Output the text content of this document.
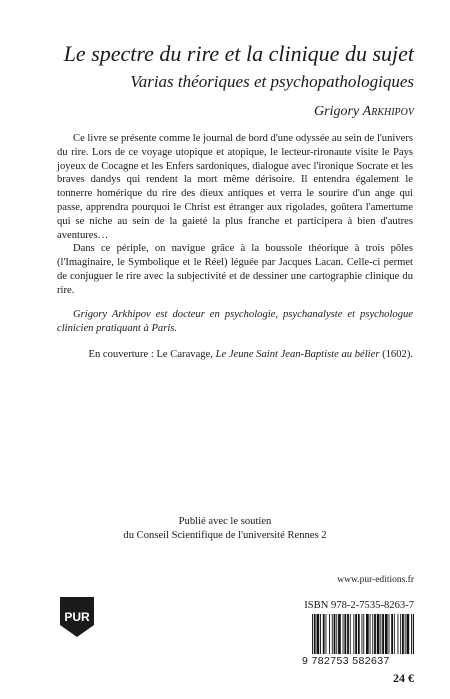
Le spectre du rire et la clinique du sujet
Varias théoriques et psychopathologiques
Grigory Arkhipov

Ce livre se présente comme le journal de bord d'une odyssée au sein de l'univers du rire. Lors de ce voyage utopique et atopique, le lecteur-rironaute visite le Pays joyeux de Cocagne et les Enfers sardoniques, dialogue avec l'ironique Socrate et les braves dandys qui rendent la mort même dérisoire. Il entendra également le tonnerre homérique du rire des dieux antiques et verra le sourire d'un ange qui passe, apprendra pourquoi le Christ est étranger aux rigolades, goûtera l'amertume qui se niche au sein de la gaieté la plus franche et participera à bien d'autres aventures…

Dans ce périple, on navigue grâce à la boussole théorique à trois pôles (l'Imaginaire, le Symbolique et le Réel) léguée par Jacques Lacan. Celle-ci permet de conjuguer le rire avec la subjectivité et de dessiner une cartographie clinique du rire.

Grigory Arkhipov est docteur en psychologie, psychanalyste et psychologue clinicien pratiquant à Paris.

En couverture : Le Caravage, Le Jeune Saint Jean-Baptiste au bélier (1602).
Publié avec le soutien
du Conseil Scientifique de l'université Rennes 2
www.pur-editions.fr
PUR
ISBN 978-2-7535-8263-7
9 782753 582637
24 €
